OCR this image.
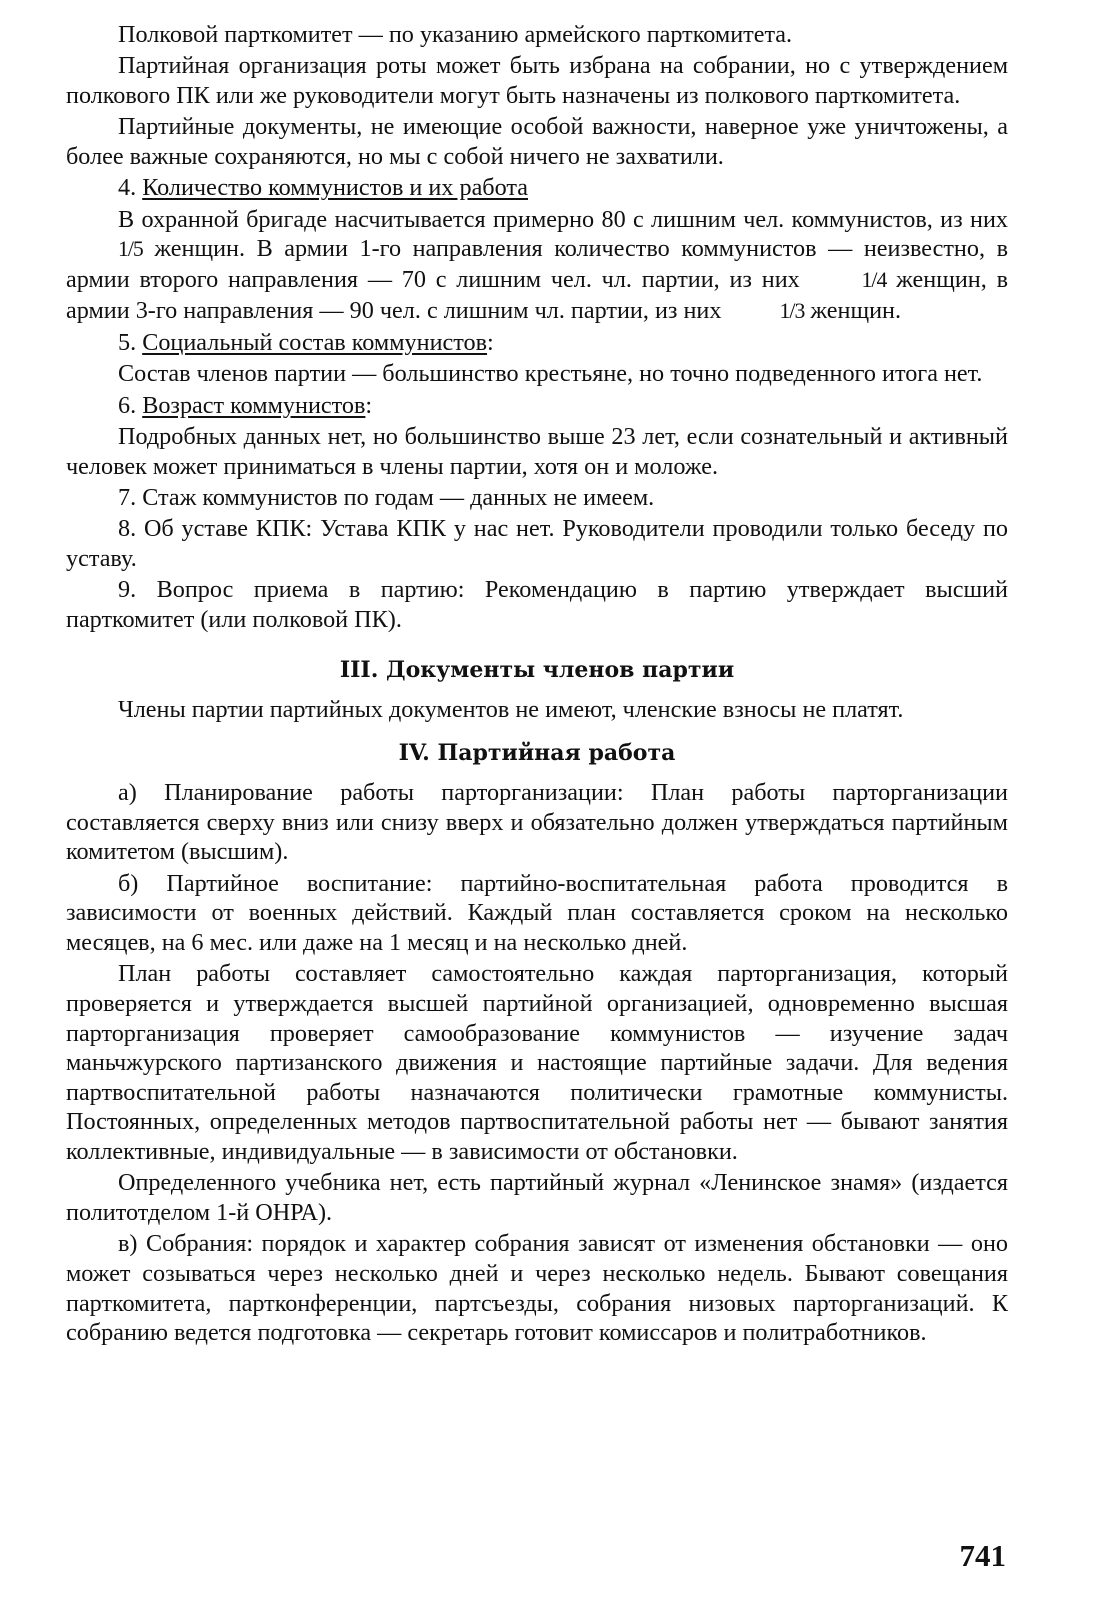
Полковой парткомитет — по указанию армейского парткомитета.

Партийная организация роты может быть избрана на собрании, но с утверждением полкового ПК или же руководители могут быть назначены из полкового парткомитета.

Партийные документы, не имеющие особой важности, наверное уже уничтожены, а более важные сохраняются, но мы с собой ничего не захватили.

4. Количество коммунистов и их работа

В охранной бригаде насчитывается примерно 80 с лишним чел. коммунистов, из них 1/5 женщин. В армии 1-го направления количество коммунистов — неизвестно, в армии второго направления — 70 с лишним чел. чл. партии, из них 1/4 женщин, в армии 3-го направления — 90 чел. с лишним чл. партии, из них 1/3 женщин.

5. Социальный состав коммунистов:

Состав членов партии — большинство крестьяне, но точно подведенного итога нет.

6. Возраст коммунистов:

Подробных данных нет, но большинство выше 23 лет, если сознательный и активный человек может приниматься в члены партии, хотя он и моложе.

7. Стаж коммунистов по годам — данных не имеем.

8. Об уставе КПК: Устава КПК у нас нет. Руководители проводили только беседу по уставу.

9. Вопрос приема в партию: Рекомендацию в партию утверждает высший парткомитет (или полковой ПК).

III. Документы членов партии

Члены партии партийных документов не имеют, членские взносы не платят.

IV. Партийная работа

а) Планирование работы парторганизации: План работы парторганизации составляется сверху вниз или снизу вверх и обязательно должен утверждаться партийным комитетом (высшим).

б) Партийное воспитание: партийно-воспитательная работа проводится в зависимости от военных действий. Каждый план составляется сроком на несколько месяцев, на 6 мес. или даже на 1 месяц и на несколько дней.

План работы составляет самостоятельно каждая парторганизация, который проверяется и утверждается высшей партийной организацией, одновременно высшая парторганизация проверяет самообразование коммунистов — изучение задач маньчжурского партизанского движения и настоящие партийные задачи. Для ведения партвоспитательной работы назначаются политически грамотные коммунисты. Постоянных, определенных методов партвоспитательной работы нет — бывают занятия коллективные, индивидуальные — в зависимости от обстановки.

Определенного учебника нет, есть партийный журнал «Ленинское знамя» (издается политотделом 1-й ОНРА).

в) Собрания: порядок и характер собрания зависят от изменения обстановки — оно может созываться через несколько дней и через несколько недель. Бывают совещания парткомитета, партконференции, партсъезды, собрания низовых парторганизаций. К собранию ведется подготовка — секретарь готовит комиссаров и политработников.

741
